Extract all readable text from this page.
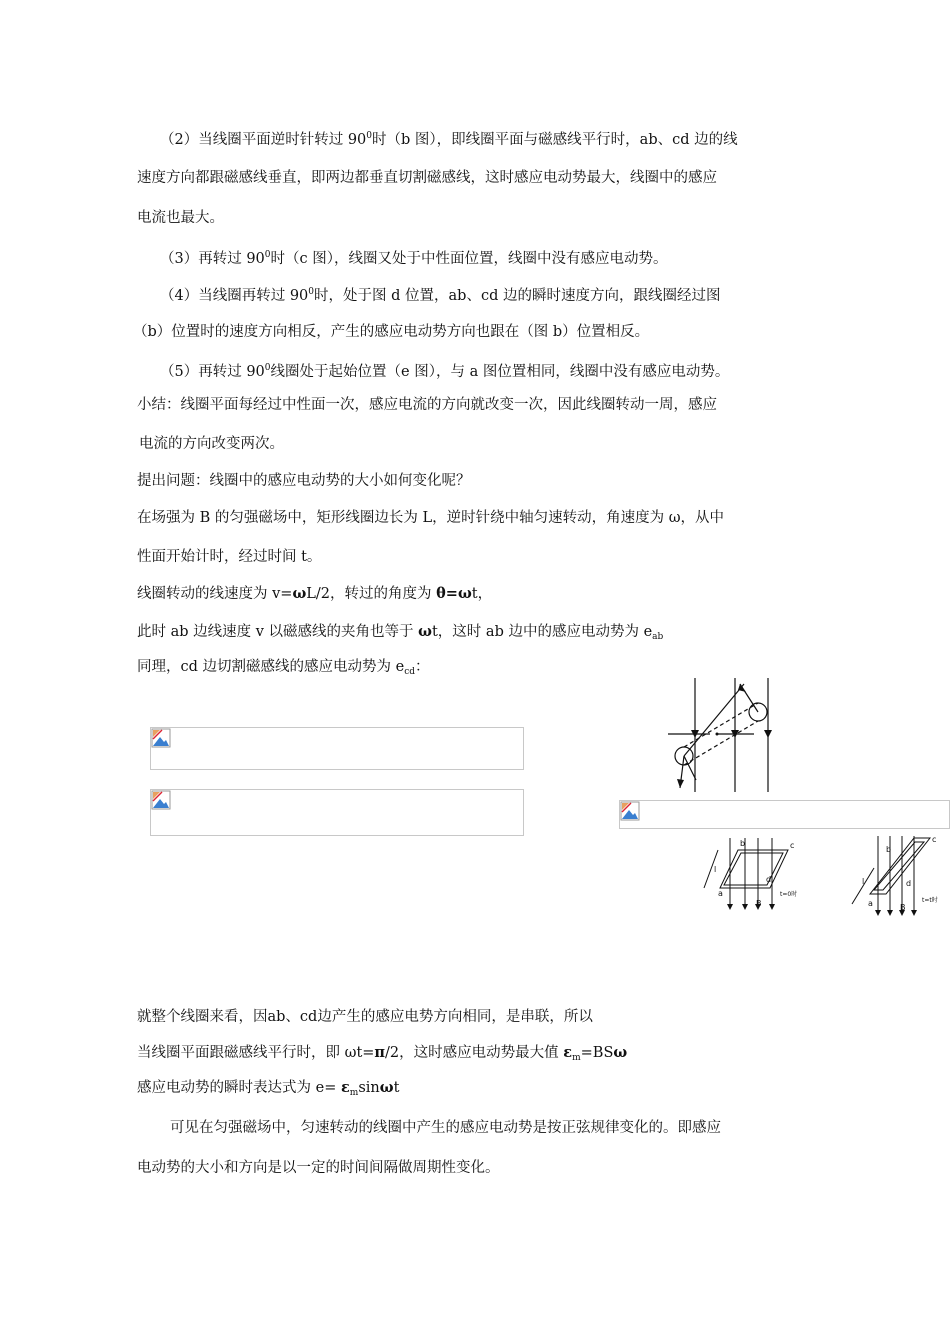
（2）当线圈平面逆时针转过 $90^0$时（b 图），即线圈平面与磁感线平行时，ab、cd 边的线
速度方向都跟磁感线垂直，即两边都垂直切割磁感线，这时感应电动势最大，线圈中的感应
电流也最大。
（3）再转过 $90^0$时（c 图），线圈又处于中性面位置，线圈中没有感应电动势。
（4）当线圈再转过 $90^0$时，处于图 d 位置，ab、cd 边的瞬时速度方向，跟线圈经过图
（b）位置时的速度方向相反，产生的感应电动势方向也跟在（图 b）位置相反。
（5）再转过 $90^0$线圈处于起始位置（e 图），与 a 图位置相同，线圈中没有感应电动势。
小结：线圈平面每经过中性面一次，感应电流的方向就改变一次，因此线圈转动一周，感应
电流的方向改变两次。
提出问题：线圈中的感应电动势的大小如何变化呢？
在场强为 B 的匀强磁场中，矩形线圈边长为 L，逆时针绕中轴匀速转动，角速度为 ω，从中
性面开始计时，经过时间 t。
线圈转动的线速度为 v=ωL/2，转过的角度为 θ=ωt，
此时 ab 边线速度 v 以磁感线的夹角也等于 ωt，这时 ab 边中的感应电动势为 $e_{ab}$
同理，cd 边切割磁感线的感应电动势为 $e_{cd}$：
b	c
a
d
l
B
t=0时
b
c
a
d
l
B
t=t时
就整个线圈来看，因ab、cd边产生的感应电势方向相同，是串联，所以
当线圈平面跟磁感线平行时，即 ωt=π/2，这时感应电动势最大值 $\varepsilon_m=BS\omega$
感应电动势的瞬时表达式为 $e= \varepsilon_m\sin\omega t$
可见在匀强磁场中，匀速转动的线圈中产生的感应电动势是按正弦规律变化的。即感应
电动势的大小和方向是以一定的时间间隔做周期性变化。
